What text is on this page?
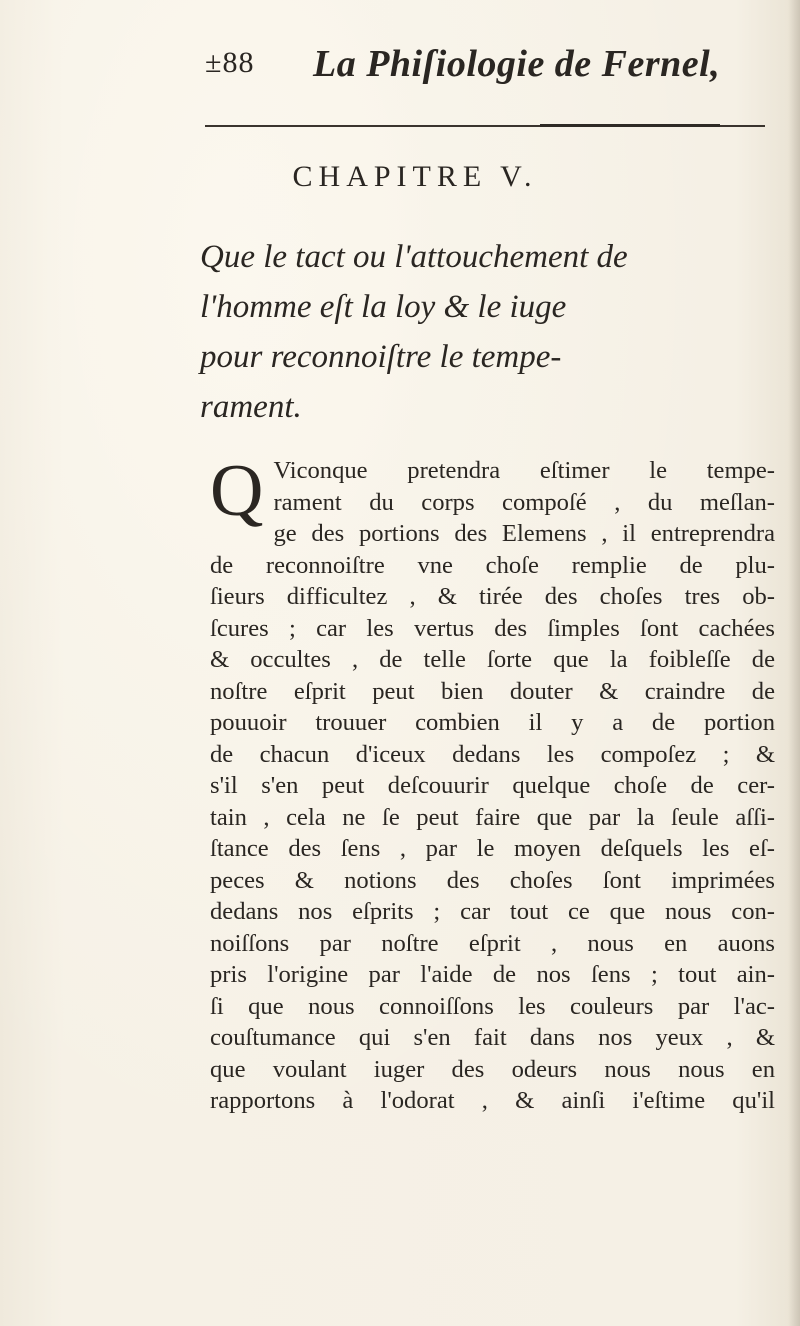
±88 La Phiſiologie de Fernel,
CHAPITRE V.
Que le tact ou l'attouchement de
l'homme eſt la loy & le iuge
pour reconnoiſtre le tempe-
rament.
Q Viconque pretendra eſtimer le tempe-
rament du corps compoſé , du meſlan-
ge des portions des Elemens , il entreprendra
de reconnoiſtre vne choſe remplie de plu-
ſieurs difficultez , & tirée des choſes tres ob-
ſcures ; car les vertus des ſimples ſont cachées
& occultes , de telle ſorte que la foibleſſe de
noſtre eſprit peut bien douter & craindre de
pouuoir trouuer combien il y a de portion
de chacun d'iceux dedans les compoſez ; &
s'il s'en peut deſcouurir quelque choſe de cer-
tain , cela ne ſe peut faire que par la ſeule aſſi-
ſtance des ſens , par le moyen deſquels les eſ-
peces & notions des choſes ſont imprimées
dedans nos eſprits ; car tout ce que nous con-
noiſſons par noſtre eſprit , nous en auons
pris l'origine par l'aide de nos ſens ; tout ain-
ſi que nous connoiſſons les couleurs par l'ac-
couſtumance qui s'en fait dans nos yeux , &
que voulant iuger des odeurs nous nous en
rapportons à l'odorat , & ainſi i'eſtime qu'il
